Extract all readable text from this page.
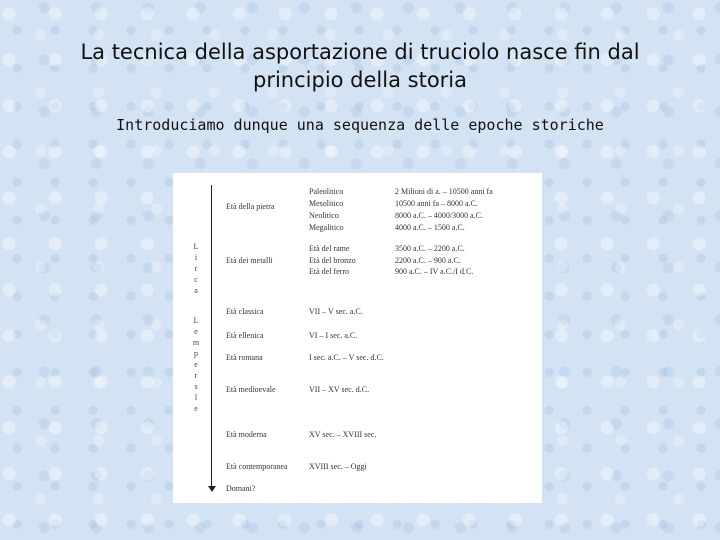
La tecnica della asportazione di truciolo nasce fin dal
principio della storia
Introduciamo dunque una sequenza delle epoche storiche
L
i
r
c
a
L
e
m
p
e
r
s
l
e
Età della pietra
Paleolitico	2 Milioni di a. – 10500 anni fa
Mesolitico	10500 anni fa – 8000 a.C.
Neolitico	8000 a.C. – 4000/3000 a.C.
Megalitico	4000 a.C. – 1500 a.C.
Età dei metalli
Età del rame	3500 a.C. – 2200 a.C.
Età del bronzo	2200 a.C. – 900 a.C.
Età del ferro	900 a.C. – IV a.C./I d.C.
Età classica	VII – V sec. a.C.
Età ellenica	VI – I sec. a.C.
Età romana	I sec. a.C. – V sec. d.C.
Età medioevale	VII – XV sec. d.C.
Età moderna	XV sec. – XVIII sec.
Età contemporanea	XVIII sec. – Oggi
Domani?
